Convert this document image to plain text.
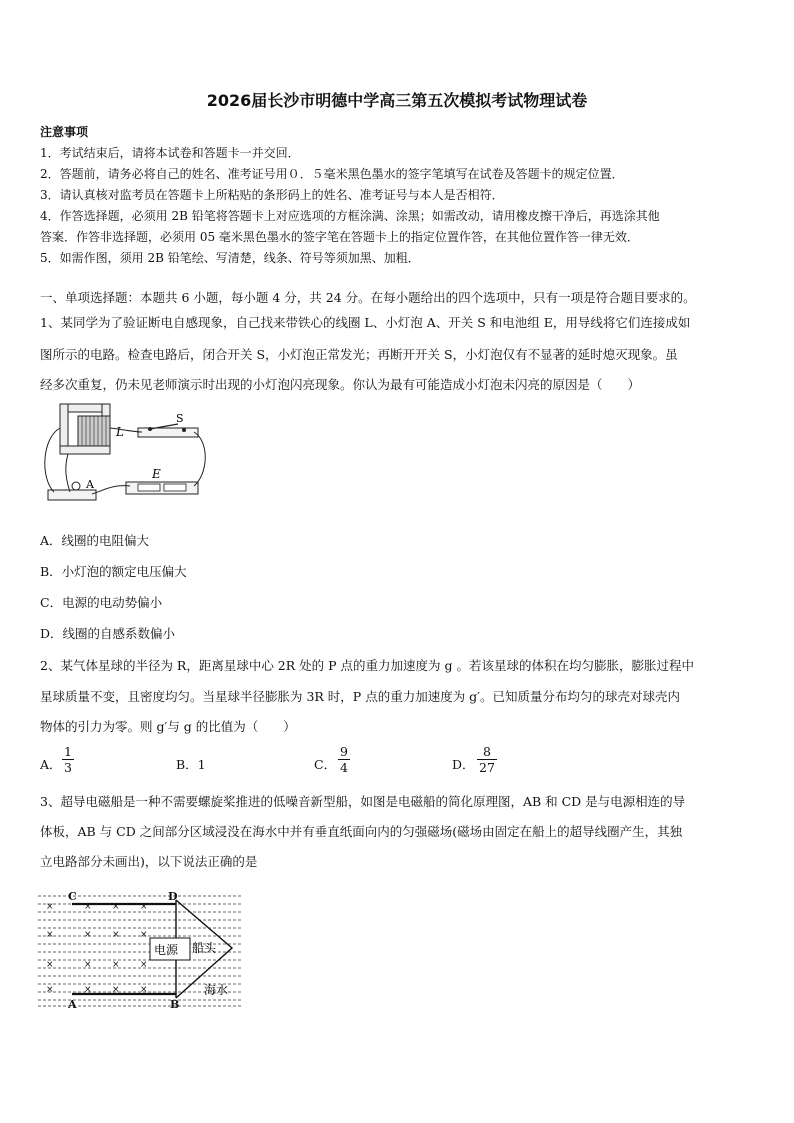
2026届长沙市明德中学高三第五次模拟考试物理试卷
注意事项
1．考试结束后，请将本试卷和答题卡一并交回．
2．答题前，请务必将自己的姓名、准考证号用０．５毫米黑色墨水的签字笔填写在试卷及答题卡的规定位置．
3．请认真核对监考员在答题卡上所粘贴的条形码上的姓名、准考证号与本人是否相符．
4．作答选择题，必须用 2B 铅笔将答题卡上对应选项的方框涂满、涂黑；如需改动，请用橡皮擦干净后，再选涂其他
答案．作答非选择题，必须用 05 毫米黑色墨水的签字笔在答题卡上的指定位置作答，在其他位置作答一律无效．
5．如需作图，须用 2B 铅笔绘、写清楚，线条、符号等须加黑、加粗．
一、单项选择题：本题共 6 小题，每小题 4 分，共 24 分。在每小题给出的四个选项中，只有一项是符合题目要求的。
1、某同学为了验证断电自感现象，自己找来带铁心的线圈 L、小灯泡 A、开关 S 和电池组 E，用导线将它们连接成如
图所示的电路。检查电路后，闭合开关 S，小灯泡正常发光；再断开开关 S，小灯泡仅有不显著的延时熄灭现象。虽
经多次重复，仍未见老师演示时出现的小灯泡闪亮现象。你认为最有可能造成小灯泡未闪亮的原因是（　　）
L
S
E
A
A．线圈的电阻偏大
B．小灯泡的额定电压偏大
C．电源的电动势偏小
D．线圈的自感系数偏小
2、某气体星球的半径为 R，距离星球中心 2R 处的 P 点的重力加速度为 g 。若该星球的体积在均匀膨胀，膨胀过程中
星球质量不变，且密度均匀。当星球半径膨胀为 3R 时，P 点的重力加速度为 g′。已知质量分布均匀的球壳对球壳内
物体的引力为零。则 g′与 g 的比值为（　　）
A． $\frac{1}{3}$	B．1	C． $\frac{9}{4}$	D． $\frac{8}{27}$
3、超导电磁船是一种不需要螺旋桨推进的低噪音新型船，如图是电磁船的简化原理图，AB 和 CD 是与电源相连的导
体板，AB 与 CD 之间部分区域浸没在海水中并有垂直纸面向内的匀强磁场(磁场由固定在船上的超导线圈产生，其独
立电路部分未画出)，以下说法正确的是
×	× × ×
×	× × ×
×	× × ×
×	× × ×
C	D
A	B
电源 船头
海水
